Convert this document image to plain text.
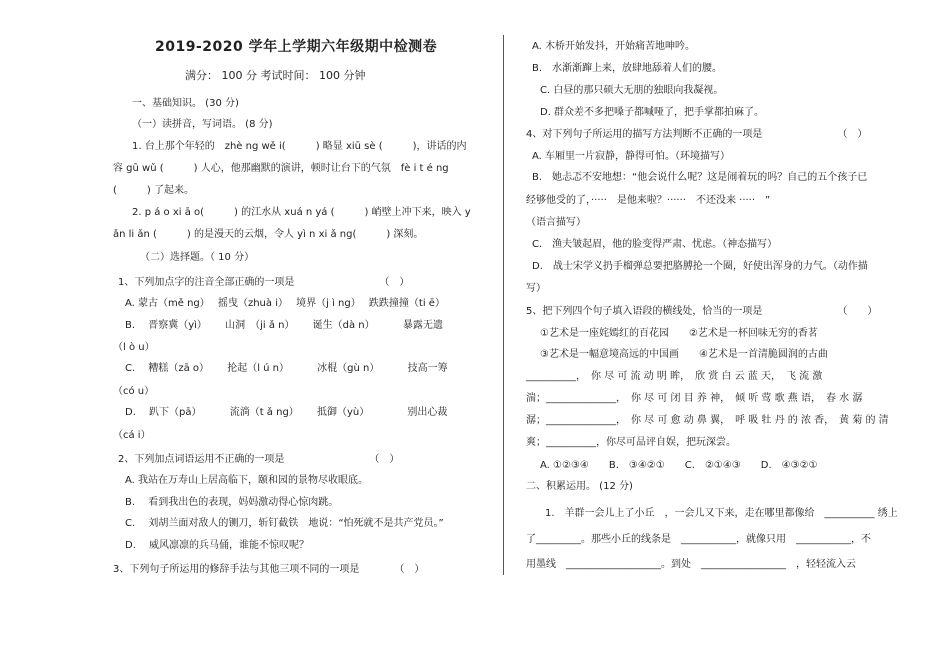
2019-2020 学年上学期六年级期中检测卷
满分： 100 分 考试时间： 100 分钟
一、基础知识。 (30 分)
（一）读拼音，写词语。 (8 分)
1. 台上那个年轻的　zhè ng wě i(　　　) 略显 xiū sè (　　　)，讲话的内
容 gū wǔ (　　　) 人心，他那幽默的演讲，顿时让台下的气氛　fè i t é ng
(　　　) 了起来。
2. p á o xi ā o(　　　) 的江水从 xuá n yá (　　　) 峭壁上冲下来，映入 y
ǎn li ǎn (　　　) 的是漫天的云烟，令人 yì n xi ǎ ng(　　　) 深刻。
（二）选择题。（ 10 分）
1、下列加点字的注音全部正确的一项是　　　　　　　　　（　）
A. 蒙古（mě ng）　 摇曳（zhuà i）　 境界（j ì ng）　 跌跌撞撞（ti ē）
B.　 晋察冀（yì）　　 山洞　（ji ǎ n）　　 诞生（dà n）　　　 暴露无遗
（l ò u）
C.　 糟糕（zā o）　　 抡起（l ú n）　　　 冰棍（gù n）　　　 技高一筹
（có u）
D.　 趴下（pā）　　　 流淌（t ǎ ng）　　 抵御（yù）　　　　 别出心裁
（cá i）
2、下列加点词语运用不正确的一项是　　　　　　　　　（　）
A. 我站在万寿山上居高临下，颐和园的景物尽收眼底。
B.　 看到我出色的表现，妈妈激动得心惊肉跳。
C.　 刘胡兰面对敌人的铡刀，斩钉截铁　地说：“怕死就不是共产党员。”
D.　 威风凛凛的兵马俑，谁能不惊叹呢？
3、下列句子所运用的修辞手法与其他三项不同的一项是　　　　（　）
A. 木桥开始发抖，开始痛苦地呻吟。
B.　水渐渐蹿上来，放肆地舔着人们的腰。
C. 白昼的那只硕大无朋的独眼向我凝视。
D. 群众差不多把嗓子都喊哑了，把手掌都拍麻了。
4、对下列句子所运用的描写方法判断不正确的一项是　　　　　　　　（　）
A. 车厢里一片寂静，静得可怕。（环境描写）
B.　她忐忑不安地想：“他会说什么呢？这是闹着玩的吗？自己的五个孩子已
经够他受的了，·····　是他来啦？······　不还没来 ·····　”
（语言描写）
C.　渔夫皱起眉，他的脸变得严肃、忧虑。（神态描写）
D.　战士宋学义扔手榴弹总要把胳膊抡一个圈，好使出浑身的力气。（动作描
写）
5、把下列四个句子填入语段的横线处，恰当的一项是　　　　　　　　（　　）
①艺术是一座姹嫣红的百花园　　②艺术是一杯回味无穷的香茗
③艺术是一幅意境高远的中国画　　④艺术是一首清脆圆润的古曲
__________，　你 尽 可 流 动 明 眸，　欣 赏 白 云 蓝 天，　飞 流 激
湍；______________，　你 尽 可 闭 目 养 神，　倾 听 莺 歌 燕 语，　春 水 潺
潺；______________，　你 尽 可 愈 动 鼻 翼，　呼 吸 牡 丹 的 浓 香，　黄 菊 的 清
爽；__________，你尽可品评自娱，把玩深尝。
A. ①②③④　　B.　③④②①　　C.　②①④③　　D.　④③②①
二、积累运用。 (12 分)
1.　羊群一会儿上了小丘　，一会儿又下来，走在哪里都像给　__________ 绣上
了_________。那些小丘的线条是　___________，就像只用　___________，不
用墨线　___________________。到处　_________________　，轻轻流入云
